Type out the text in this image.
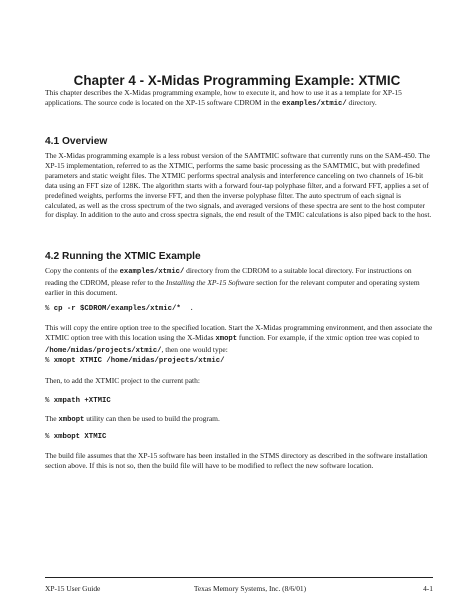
Chapter 4 - X-Midas Programming Example: XTMIC

This chapter describes the X-Midas programming example, how to execute it, and how to use it as a template for XP-15 applications. The source code is located on the XP-15 software CDROM in the examples/xtmic/ directory.

4.1 Overview

The X-Midas programming example is a less robust version of the SAMTMIC software that currently runs on the SAM-450. The XP-15 implementation, referred to as the XTMIC, performs the same basic processing as the SAMTMIC, but with predefined parameters and static weight files. The XTMIC performs spectral analysis and interference canceling on two channels of 16-bit data using an FFT size of 128K. The algorithm starts with a forward four-tap polyphase filter, and a forward FFT, applies a set of predefined weights, performs the inverse FFT, and then the inverse polyphase filter. The auto spectrum of each signal is calculated, as well as the cross spectrum of the two signals, and averaged versions of these spectra are sent to the host computer for display. In addition to the auto and cross spectra signals, the end result of the TMIC calculations is also piped back to the host.

4.2 Running the XTMIC Example

Copy the contents of the examples/xtmic/ directory from the CDROM to a suitable local directory. For instructions on reading the CDROM, please refer to the Installing the XP-15 Software section for the relevant computer and operating system earlier in this document.

% cp -r $CDROM/examples/xtmic/* .

This will copy the entire option tree to the specified location. Start the X-Midas programming environment, and then associate the XTMIC option tree with this location using the X-Midas xmopt function. For example, if the xtmic option tree was copied to /home/midas/projects/xtmic/, then one would type:

% xmopt XTMIC /home/midas/projects/xtmic/

Then, to add the XTMIC project to the current path:

% xmpath +XTMIC

The xmbopt utility can then be used to build the program.

% xmbopt XTMIC

The build file assumes that the XP-15 software has been installed in the STMS directory as described in the software installation section above. If this is not so, then the build file will have to be modified to reflect the new software location.

XP-15 User Guide	Texas Memory Systems, Inc. (8/6/01)	4-1
